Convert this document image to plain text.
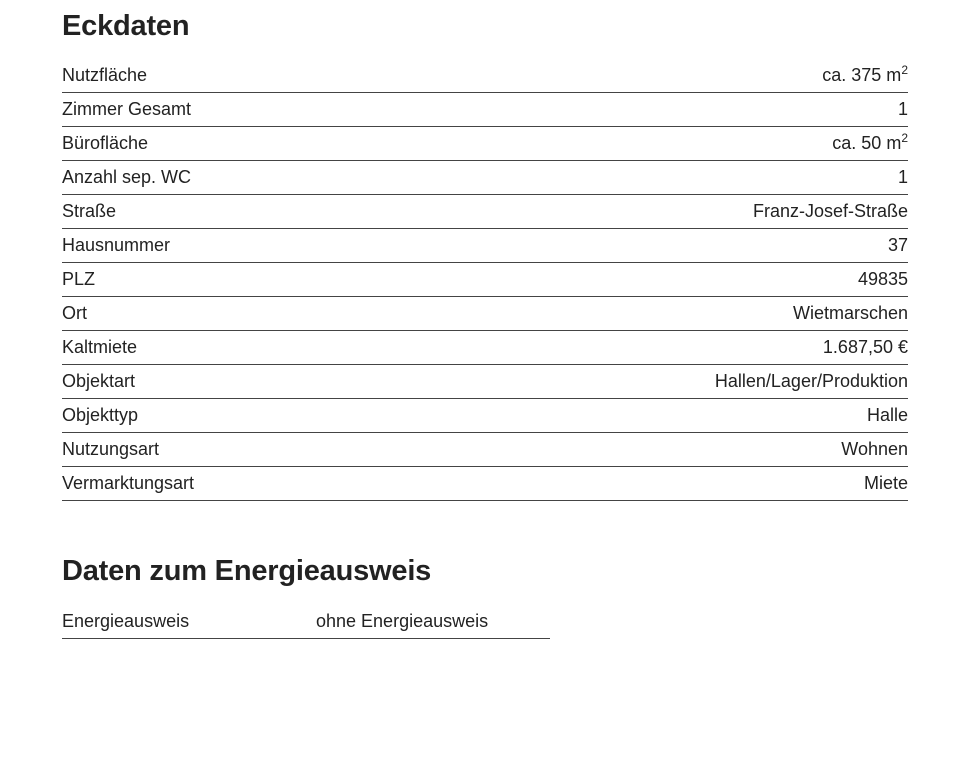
Eckdaten
Nutzfläche	ca. 375 $m^2$
Zimmer Gesamt	1
Bürofläche	ca. 50 $m^2$
Anzahl sep. WC	1
Straße	Franz-Josef-Straße
Hausnummer	37
PLZ	49835
Ort	Wietmarschen
Kaltmiete	1.687,50 €
Objektart	Hallen/Lager/Produktion
Objekttyp	Halle
Nutzungsart	Wohnen
Vermarktungsart	Miete
Daten zum Energieausweis
Energieausweis	ohne Energieausweis
